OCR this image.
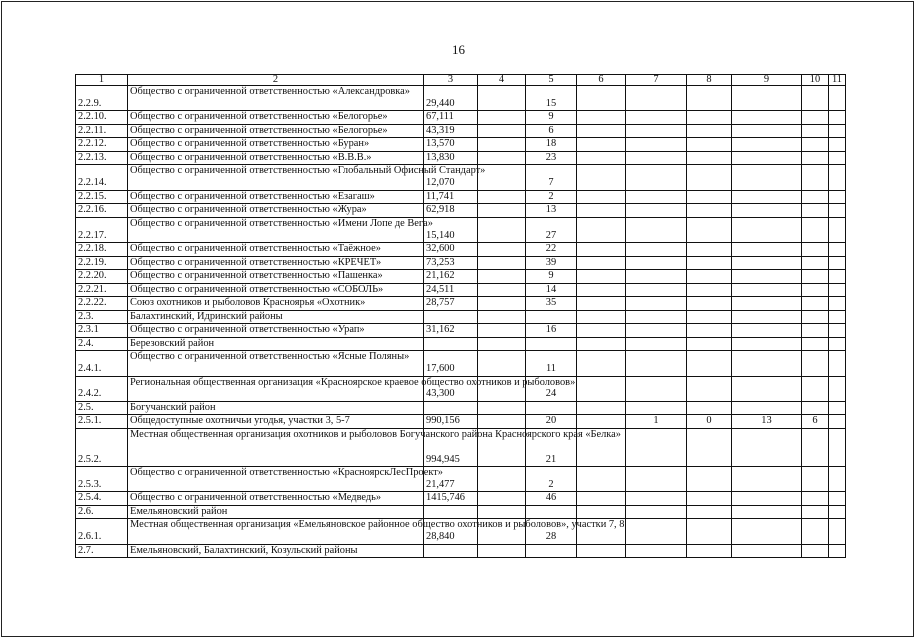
16
1	2	3	4	5	6	7	8	9	10	11
2.2.9.	Общество с ограниченной ответственностью «Александровка»	29,440		15						
2.2.10.	Общество с ограниченной ответственностью «Белогорье»	67,111		9						
2.2.11.	Общество с ограниченной ответственностью «Белогорье»	43,319		6						
2.2.12.	Общество с ограниченной ответственностью «Буран»	13,570		18						
2.2.13.	Общество с ограниченной ответственностью «В.В.В.»	13,830		23						
2.2.14.	Общество с ограниченной ответственностью «Глобальный Офисный Стандарт»	12,070		7						
2.2.15.	Общество с ограниченной ответственностью «Езагаш»	11,741		2						
2.2.16.	Общество с ограниченной ответственностью «Жура»	62,918		13						
2.2.17.	Общество с ограниченной ответственностью «Имени Лопе де Вега»	15,140		27						
2.2.18.	Общество с ограниченной ответственностью «Таёжное»	32,600		22						
2.2.19.	Общество с ограниченной ответственностью «КРЕЧЕТ»	73,253		39						
2.2.20.	Общество с ограниченной ответственностью «Пашенка»	21,162		9						
2.2.21.	Общество с ограниченной ответственностью «СОБОЛЬ»	24,511		14						
2.2.22.	Союз охотников и рыболовов Красноярья «Охотник»	28,757		35						
2.3.	Балахтинский, Идринский районы									
2.3.1	Общество с ограниченной ответственностью «Урап»	31,162		16						
2.4.	Березовский район									
2.4.1.	Общество с ограниченной ответственностью «Ясные Поляны»	17,600		11						
2.4.2.	Региональная общественная организация «Красноярское краевое общество охотников и рыболовов»	43,300		24						
2.5.	Богучанский район									
2.5.1.	Общедоступные охотничьи угодья, участки 3, 5-7	990,156		20		1	0	13	6	
2.5.2.	Местная общественная организация охотников и рыболовов Богучанского района Красноярского края «Белка»	994,945		21						
2.5.3.	Общество с ограниченной ответственностью «КрасноярскЛесПроект»	21,477		2						
2.5.4.	Общество с ограниченной ответственностью «Медведь»	1415,746		46						
2.6.	Емельяновский район									
2.6.1.	Местная общественная организация «Емельяновское районное общество охотников и рыболовов», участки 7, 8	28,840		28						
2.7.	Емельяновский, Балахтинский, Козульский районы									
